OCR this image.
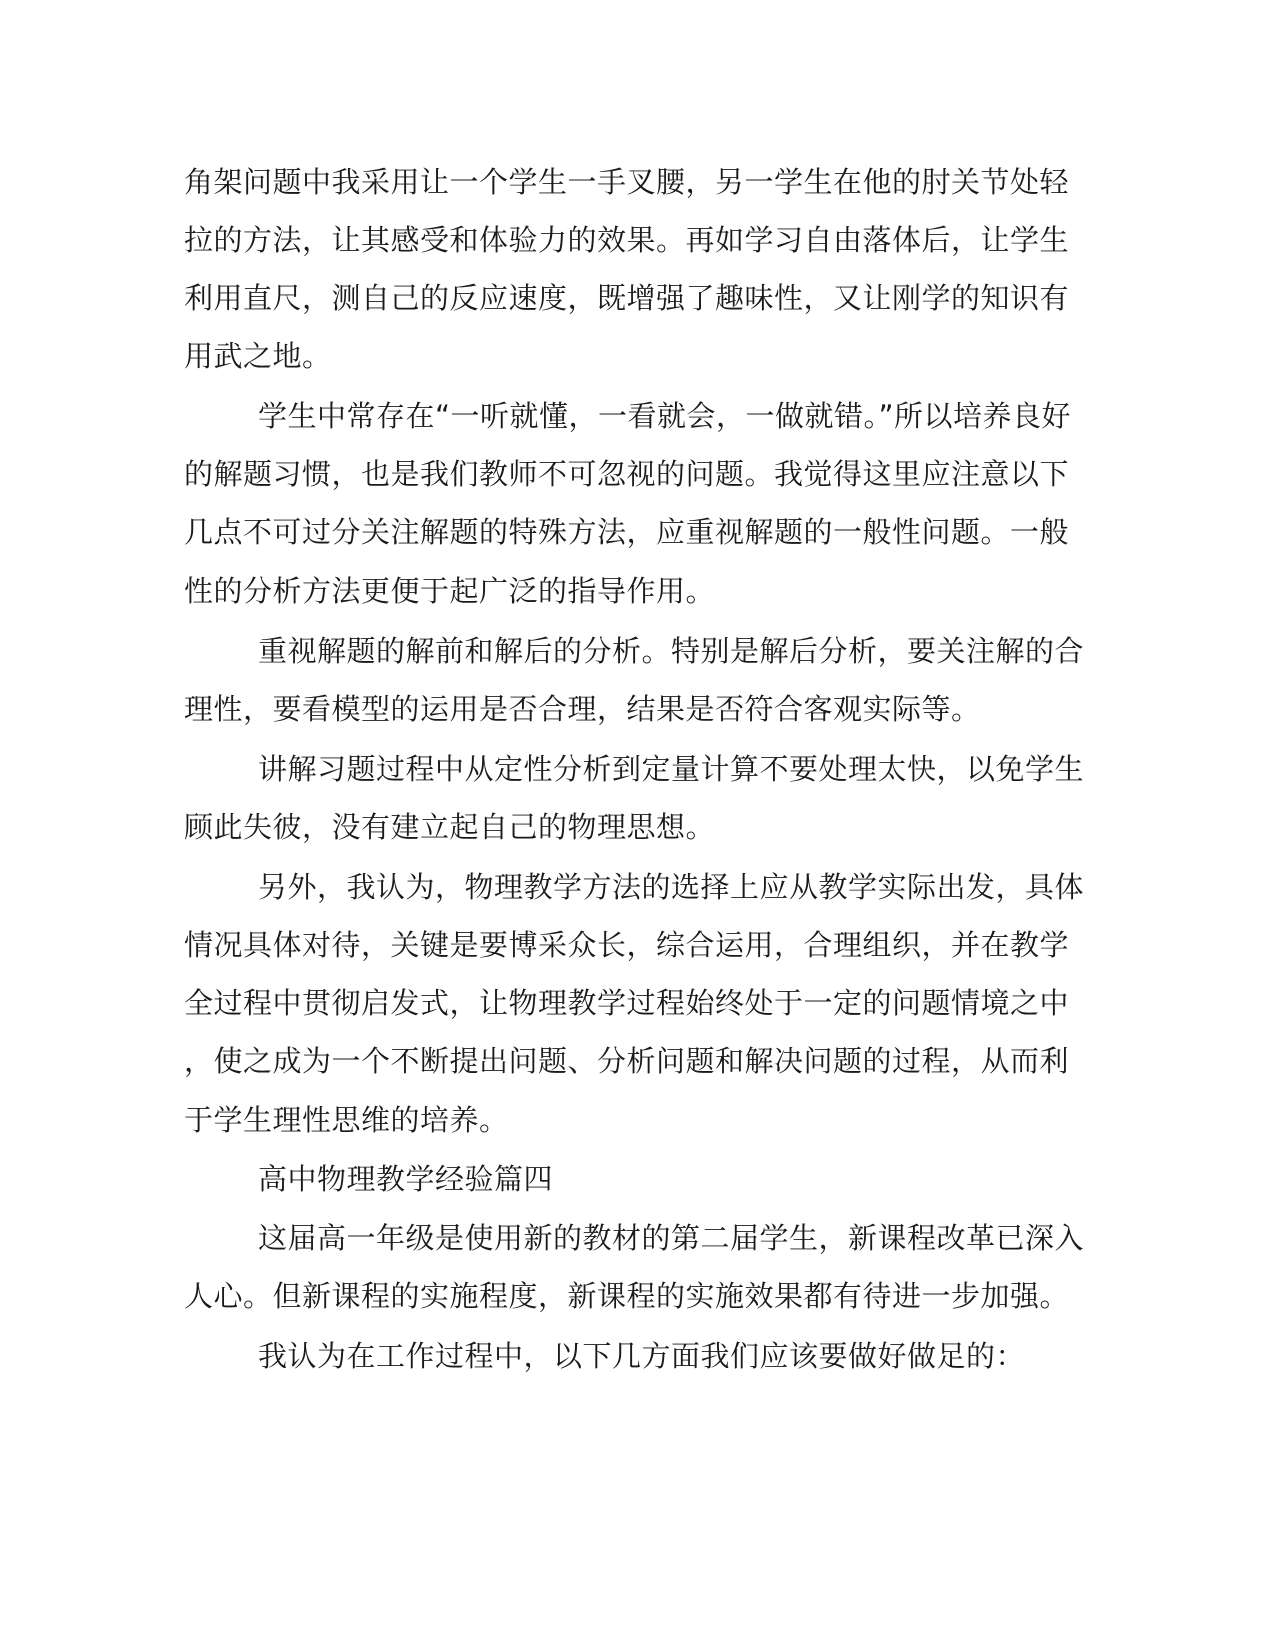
角架问题中我采用让一个学生一手叉腰，另一学生在他的肘关节处轻
拉的方法，让其感受和体验力的效果。再如学习自由落体后，让学生
利用直尺，测自己的反应速度，既增强了趣味性，又让刚学的知识有
用武之地。
学生中常存在“一听就懂，一看就会，一做就错。”所以培养良好
的解题习惯，也是我们教师不可忽视的问题。我觉得这里应注意以下
几点不可过分关注解题的特殊方法，应重视解题的一般性问题。一般
性的分析方法更便于起广泛的指导作用。
重视解题的解前和解后的分析。特别是解后分析，要关注解的合
理性，要看模型的运用是否合理，结果是否符合客观实际等。
讲解习题过程中从定性分析到定量计算不要处理太快，以免学生
顾此失彼，没有建立起自己的物理思想。
另外，我认为，物理教学方法的选择上应从教学实际出发，具体
情况具体对待，关键是要博采众长，综合运用，合理组织，并在教学
全过程中贯彻启发式，让物理教学过程始终处于一定的问题情境之中
，使之成为一个不断提出问题、分析问题和解决问题的过程，从而利
于学生理性思维的培养。
高中物理教学经验篇四
这届高一年级是使用新的教材的第二届学生，新课程改革已深入
人心。但新课程的实施程度，新课程的实施效果都有待进一步加强。
我认为在工作过程中，以下几方面我们应该要做好做足的：
